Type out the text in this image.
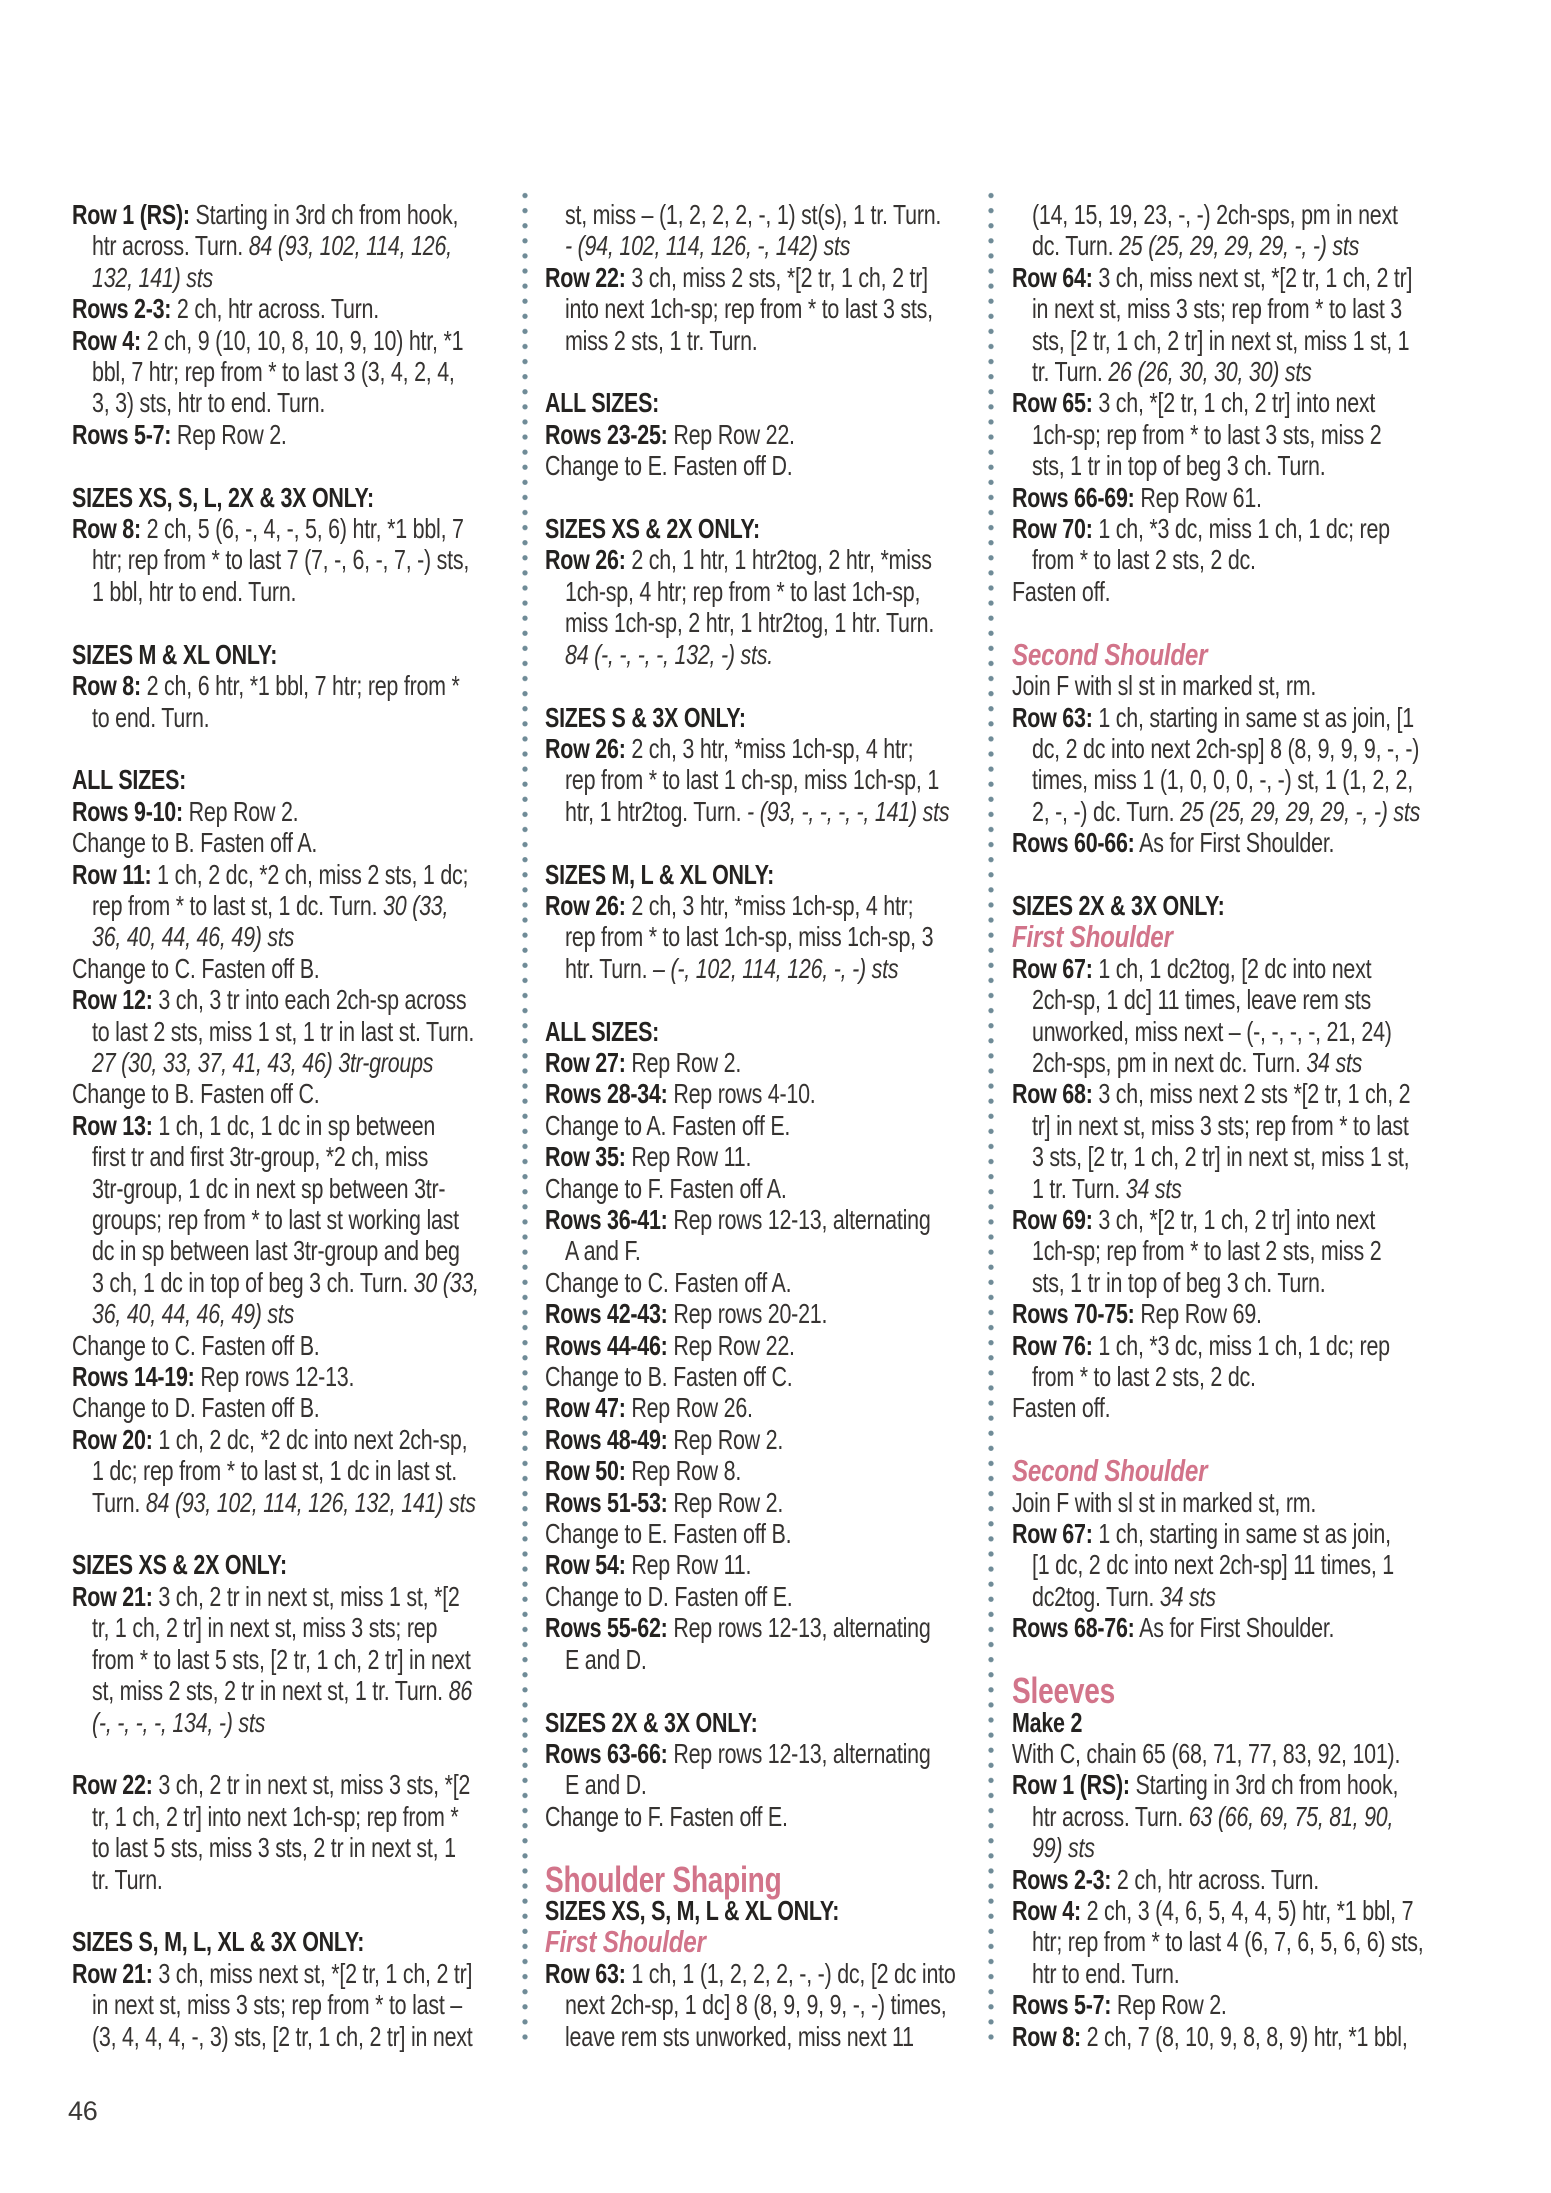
Row 1 (RS): Starting in 3rd ch from hook,
htr across. Turn. 84 (93, 102, 114, 126,
132, 141) sts
Rows 2-3: 2 ch, htr across. Turn.
Row 4: 2 ch, 9 (10, 10, 8, 10, 9, 10) htr, *1
bbl, 7 htr; rep from * to last 3 (3, 4, 2, 4,
3, 3) sts, htr to end. Turn.
Rows 5-7: Rep Row 2.
SIZES XS, S, L, 2X & 3X ONLY:
Row 8: 2 ch, 5 (6, -, 4, -, 5, 6) htr, *1 bbl, 7
htr; rep from * to last 7 (7, -, 6, -, 7, -) sts,
1 bbl, htr to end. Turn.
SIZES M & XL ONLY:
Row 8: 2 ch, 6 htr, *1 bbl, 7 htr; rep from *
to end. Turn.
ALL SIZES:
Rows 9-10: Rep Row 2.
Change to B. Fasten off A.
Row 11: 1 ch, 2 dc, *2 ch, miss 2 sts, 1 dc;
rep from * to last st, 1 dc. Turn. 30 (33,
36, 40, 44, 46, 49) sts
Change to C. Fasten off B.
Row 12: 3 ch, 3 tr into each 2ch-sp across
to last 2 sts, miss 1 st, 1 tr in last st. Turn.
27 (30, 33, 37, 41, 43, 46) 3tr-groups
Change to B. Fasten off C.
Row 13: 1 ch, 1 dc, 1 dc in sp between
first tr and first 3tr-group, *2 ch, miss
3tr-group, 1 dc in next sp between 3tr-
groups; rep from * to last st working last
dc in sp between last 3tr-group and beg
3 ch, 1 dc in top of beg 3 ch. Turn. 30 (33,
36, 40, 44, 46, 49) sts
Change to C. Fasten off B.
Rows 14-19: Rep rows 12-13.
Change to D. Fasten off B.
Row 20: 1 ch, 2 dc, *2 dc into next 2ch-sp,
1 dc; rep from * to last st, 1 dc in last st.
Turn. 84 (93, 102, 114, 126, 132, 141) sts
SIZES XS & 2X ONLY:
Row 21: 3 ch, 2 tr in next st, miss 1 st, *[2
tr, 1 ch, 2 tr] in next st, miss 3 sts; rep
from * to last 5 sts, [2 tr, 1 ch, 2 tr] in next
st, miss 2 sts, 2 tr in next st, 1 tr. Turn. 86
(-, -, -, -, 134, -) sts
Row 22: 3 ch, 2 tr in next st, miss 3 sts, *[2
tr, 1 ch, 2 tr] into next 1ch-sp; rep from *
to last 5 sts, miss 3 sts, 2 tr in next st, 1
tr. Turn.
SIZES S, M, L, XL & 3X ONLY:
Row 21: 3 ch, miss next st, *[2 tr, 1 ch, 2 tr]
in next st, miss 3 sts; rep from * to last –
(3, 4, 4, 4, -, 3) sts, [2 tr, 1 ch, 2 tr] in next
st, miss – (1, 2, 2, 2, -, 1) st(s), 1 tr. Turn.
- (94, 102, 114, 126, -, 142) sts
Row 22: 3 ch, miss 2 sts, *[2 tr, 1 ch, 2 tr]
into next 1ch-sp; rep from * to last 3 sts,
miss 2 sts, 1 tr. Turn.
ALL SIZES:
Rows 23-25: Rep Row 22.
Change to E. Fasten off D.
SIZES XS & 2X ONLY:
Row 26: 2 ch, 1 htr, 1 htr2tog, 2 htr, *miss
1ch-sp, 4 htr; rep from * to last 1ch-sp,
miss 1ch-sp, 2 htr, 1 htr2tog, 1 htr. Turn.
84 (-, -, -, -, 132, -) sts.
SIZES S & 3X ONLY:
Row 26: 2 ch, 3 htr, *miss 1ch-sp, 4 htr;
rep from * to last 1 ch-sp, miss 1ch-sp, 1
htr, 1 htr2tog. Turn. - (93, -, -, -, -, 141) sts
SIZES M, L & XL ONLY:
Row 26: 2 ch, 3 htr, *miss 1ch-sp, 4 htr;
rep from * to last 1ch-sp, miss 1ch-sp, 3
htr. Turn. – (-, 102, 114, 126, -, -) sts
ALL SIZES:
Row 27: Rep Row 2.
Rows 28-34: Rep rows 4-10.
Change to A. Fasten off E.
Row 35: Rep Row 11.
Change to F. Fasten off A.
Rows 36-41: Rep rows 12-13, alternating
A and F.
Change to C. Fasten off A.
Rows 42-43: Rep rows 20-21.
Rows 44-46: Rep Row 22.
Change to B. Fasten off C.
Row 47: Rep Row 26.
Rows 48-49: Rep Row 2.
Row 50: Rep Row 8.
Rows 51-53: Rep Row 2.
Change to E. Fasten off B.
Row 54: Rep Row 11.
Change to D. Fasten off E.
Rows 55-62: Rep rows 12-13, alternating
E and D.
SIZES 2X & 3X ONLY:
Rows 63-66: Rep rows 12-13, alternating
E and D.
Change to F. Fasten off E.
Shoulder Shaping
SIZES XS, S, M, L & XL ONLY:
First Shoulder
Row 63: 1 ch, 1 (1, 2, 2, 2, -, -) dc, [2 dc into
next 2ch-sp, 1 dc] 8 (8, 9, 9, 9, -, -) times,
leave rem sts unworked, miss next 11
(14, 15, 19, 23, -, -) 2ch-sps, pm in next
dc. Turn. 25 (25, 29, 29, 29, -, -) sts
Row 64: 3 ch, miss next st, *[2 tr, 1 ch, 2 tr]
in next st, miss 3 sts; rep from * to last 3
sts, [2 tr, 1 ch, 2 tr] in next st, miss 1 st, 1
tr. Turn. 26 (26, 30, 30, 30) sts
Row 65: 3 ch, *[2 tr, 1 ch, 2 tr] into next
1ch-sp; rep from * to last 3 sts, miss 2
sts, 1 tr in top of beg 3 ch. Turn.
Rows 66-69: Rep Row 61.
Row 70: 1 ch, *3 dc, miss 1 ch, 1 dc; rep
from * to last 2 sts, 2 dc.
Fasten off.
Second Shoulder
Join F with sl st in marked st, rm.
Row 63: 1 ch, starting in same st as join, [1
dc, 2 dc into next 2ch-sp] 8 (8, 9, 9, 9, -, -)
times, miss 1 (1, 0, 0, 0, -, -) st, 1 (1, 2, 2,
2, -, -) dc. Turn. 25 (25, 29, 29, 29, -, -) sts
Rows 60-66: As for First Shoulder.
SIZES 2X & 3X ONLY:
First Shoulder
Row 67: 1 ch, 1 dc2tog, [2 dc into next
2ch-sp, 1 dc] 11 times, leave rem sts
unworked, miss next – (-, -, -, -, 21, 24)
2ch-sps, pm in next dc. Turn. 34 sts
Row 68: 3 ch, miss next 2 sts *[2 tr, 1 ch, 2
tr] in next st, miss 3 sts; rep from * to last
3 sts, [2 tr, 1 ch, 2 tr] in next st, miss 1 st,
1 tr. Turn. 34 sts
Row 69: 3 ch, *[2 tr, 1 ch, 2 tr] into next
1ch-sp; rep from * to last 2 sts, miss 2
sts, 1 tr in top of beg 3 ch. Turn.
Rows 70-75: Rep Row 69.
Row 76: 1 ch, *3 dc, miss 1 ch, 1 dc; rep
from * to last 2 sts, 2 dc.
Fasten off.
Second Shoulder
Join F with sl st in marked st, rm.
Row 67: 1 ch, starting in same st as join,
[1 dc, 2 dc into next 2ch-sp] 11 times, 1
dc2tog. Turn. 34 sts
Rows 68-76: As for First Shoulder.
Sleeves
Make 2
With C, chain 65 (68, 71, 77, 83, 92, 101).
Row 1 (RS): Starting in 3rd ch from hook,
htr across. Turn. 63 (66, 69, 75, 81, 90,
99) sts
Rows 2-3: 2 ch, htr across. Turn.
Row 4: 2 ch, 3 (4, 6, 5, 4, 4, 5) htr, *1 bbl, 7
htr; rep from * to last 4 (6, 7, 6, 5, 6, 6) sts,
htr to end. Turn.
Rows 5-7: Rep Row 2.
Row 8: 2 ch, 7 (8, 10, 9, 8, 8, 9) htr, *1 bbl,
46
